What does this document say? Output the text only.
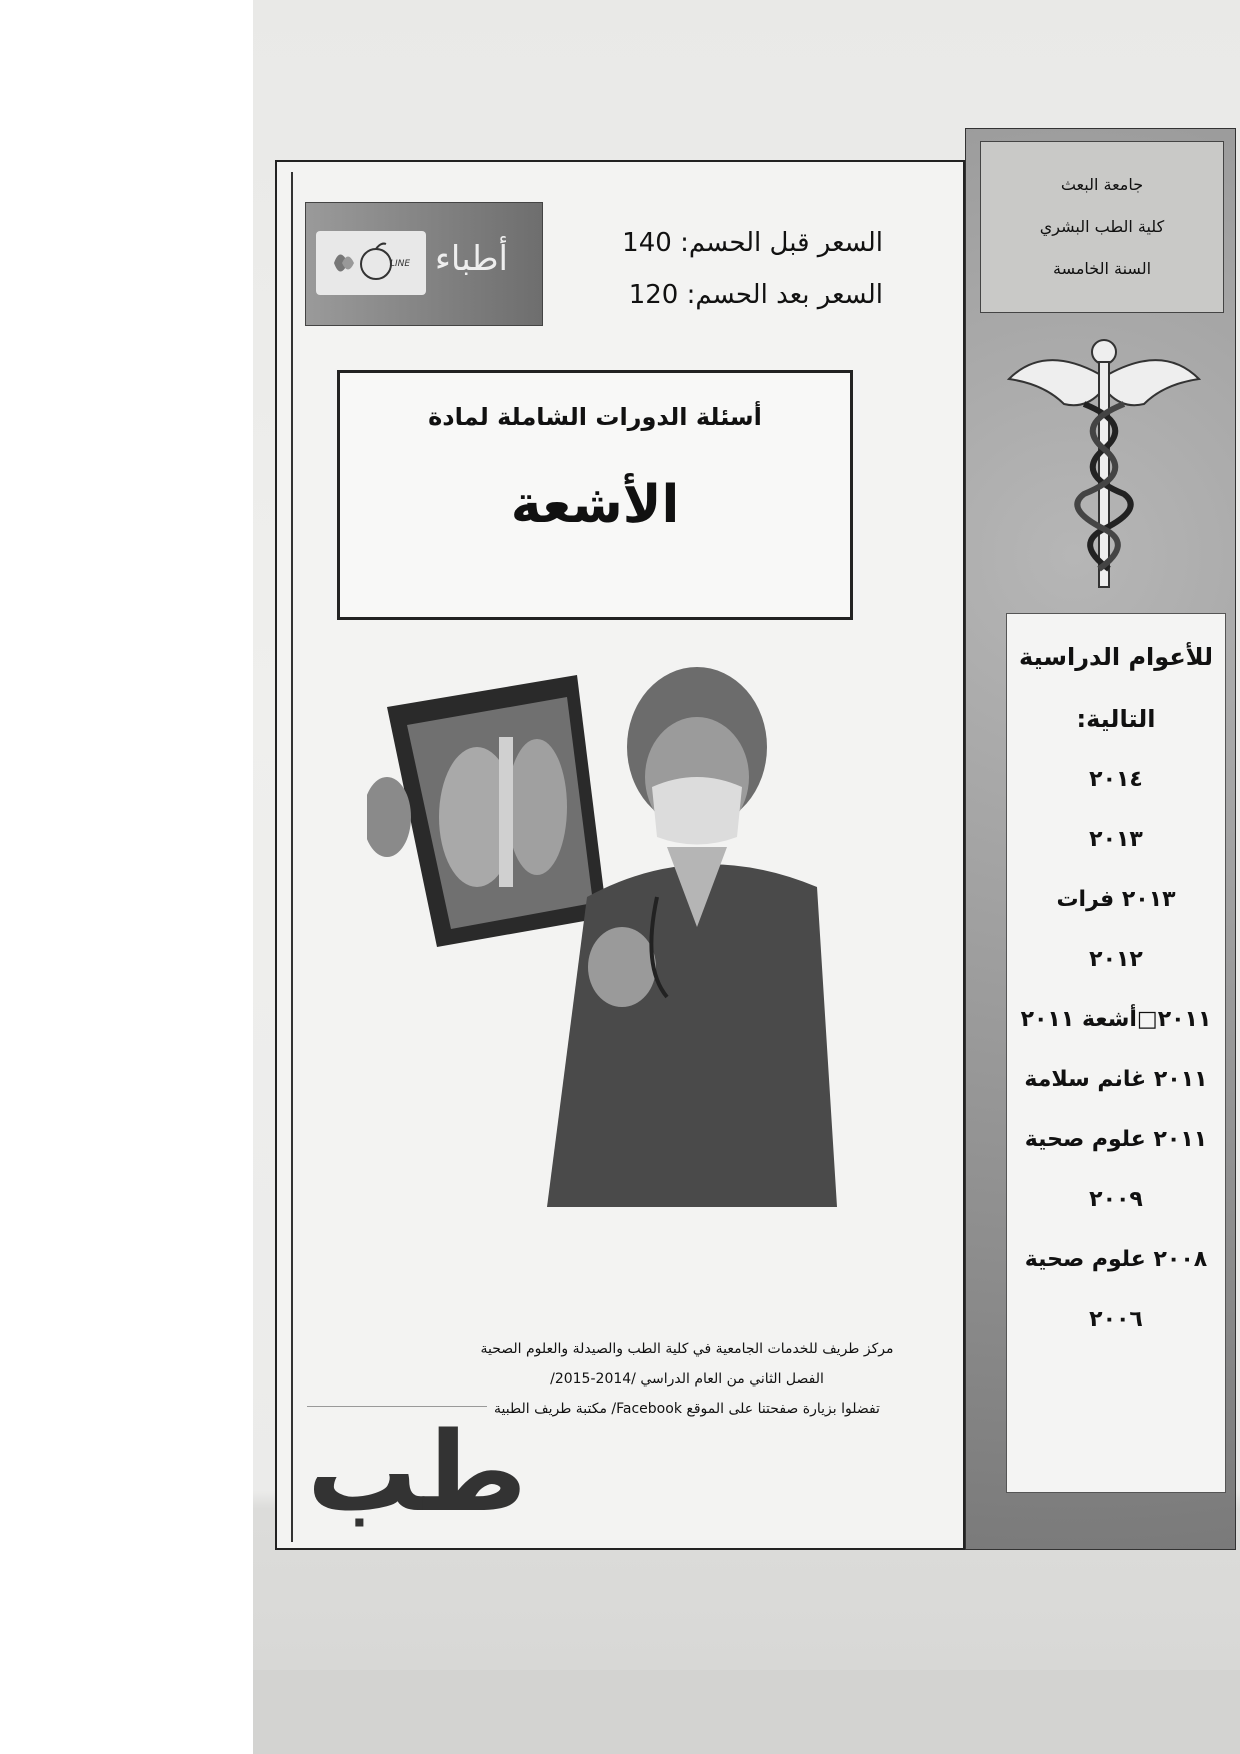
LINE أطباء	السعر قبل الحسم: 140
السعر بعد الحسم: 120
أسئلة الدورات الشاملة لمادة
الأشعة
مركز طريف للخدمات الجامعية في كلية الطب والصيدلة والعلوم الصحية
الفصل الثاني من العام الدراسي /2014-2015/
تفضلوا بزيارة صفحتنا على الموقع Facebook/ مكتبة طريف الطبية
طب
جامعة البعث
كلية الطب البشري
السنة الخامسة
للأعوام الدراسية
التالية:
٢٠١٤
٢٠١٣
٢٠١٣ فرات
٢٠١٢
٢٠١١□أشعة ٢٠١١
٢٠١١ غانم سلامة
٢٠١١ علوم صحية
٢٠٠٩
٢٠٠٨ علوم صحية
٢٠٠٦
